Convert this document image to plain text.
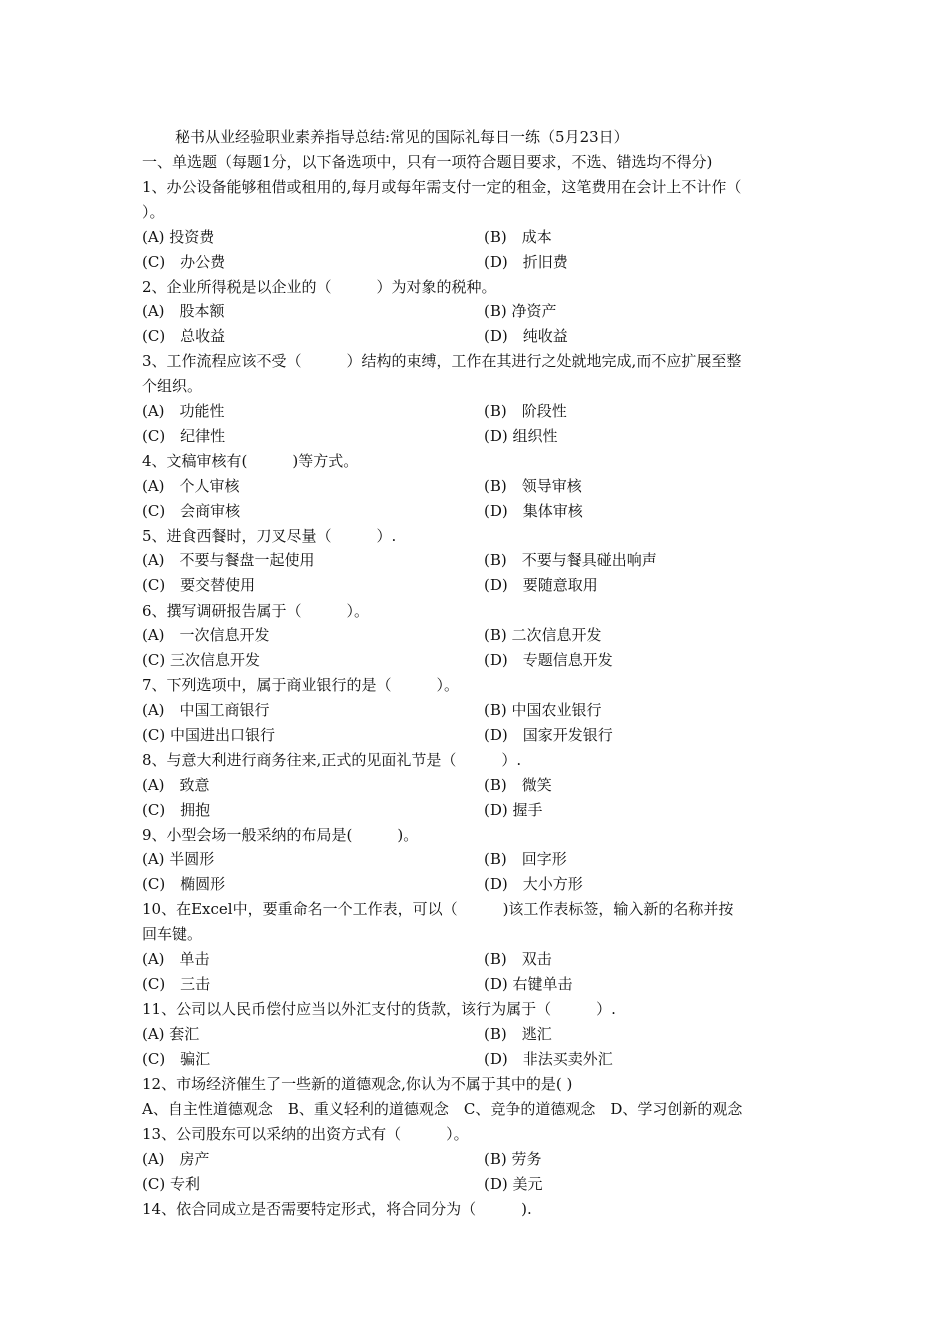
秘书从业经验职业素养指导总结:常见的国际礼每日一练（5月23日）
一、单选题（每题1分，以下备选项中，只有一项符合题目要求，不选、错选均不得分)
1、办公设备能够租借或租用的,每月或每年需支付一定的租金，这笔费用在会计上不计作（
）。
(A) 投资费	(B)　成本
(C)　办公费	(D)　折旧费
2、企业所得税是以企业的（　　　）为对象的税种。
(A)　股本额	(B) 净资产
(C)　总收益	(D)　纯收益
3、工作流程应该不受（　　　）结构的束缚，工作在其进行之处就地完成,而不应扩展至整
个组织。
(A)　功能性	(B)　阶段性
(C)　纪律性	(D) 组织性
4、文稿审核有(　　　)等方式。
(A)　个人审核	(B)　领导审核
(C)　会商审核	(D)　集体审核
5、进食西餐时，刀叉尽量（　　　）.
(A)　不要与餐盘一起使用	(B)　不要与餐具碰出响声
(C)　要交替使用	(D)　要随意取用
6、撰写调研报告属于（　　　）。
(A)　一次信息开发	(B) 二次信息开发
(C) 三次信息开发	(D)　专题信息开发
7、下列选项中，属于商业银行的是（　　　）。
(A)　中国工商银行	(B) 中国农业银行
(C) 中国进出口银行	(D)　国家开发银行
8、与意大利进行商务往来,正式的见面礼节是（　　　）.
(A)　致意	(B)　微笑
(C)　拥抱	(D) 握手
9、小型会场一般采纳的布局是(　　　)。
(A) 半圆形	(B)　回字形
(C)　椭圆形	(D)　大小方形
10、在Excel中，要重命名一个工作表，可以（　　　)该工作表标签，输入新的名称并按
回车键。
(A)　单击	(B)　双击
(C)　三击	(D) 右键单击
11、公司以人民币偿付应当以外汇支付的货款，该行为属于（　　　）.
(A) 套汇	(B)　逃汇
(C)　骗汇	(D)　非法买卖外汇
12、市场经济催生了一些新的道德观念,你认为不属于其中的是( )
A、自主性道德观念　B、重义轻利的道德观念　C、竞争的道德观念　D、学习创新的观念
13、公司股东可以采纳的出资方式有（　　　）。
(A)　房产	(B) 劳务
(C) 专利	(D) 美元
14、依合同成立是否需要特定形式，将合同分为（　　　).
